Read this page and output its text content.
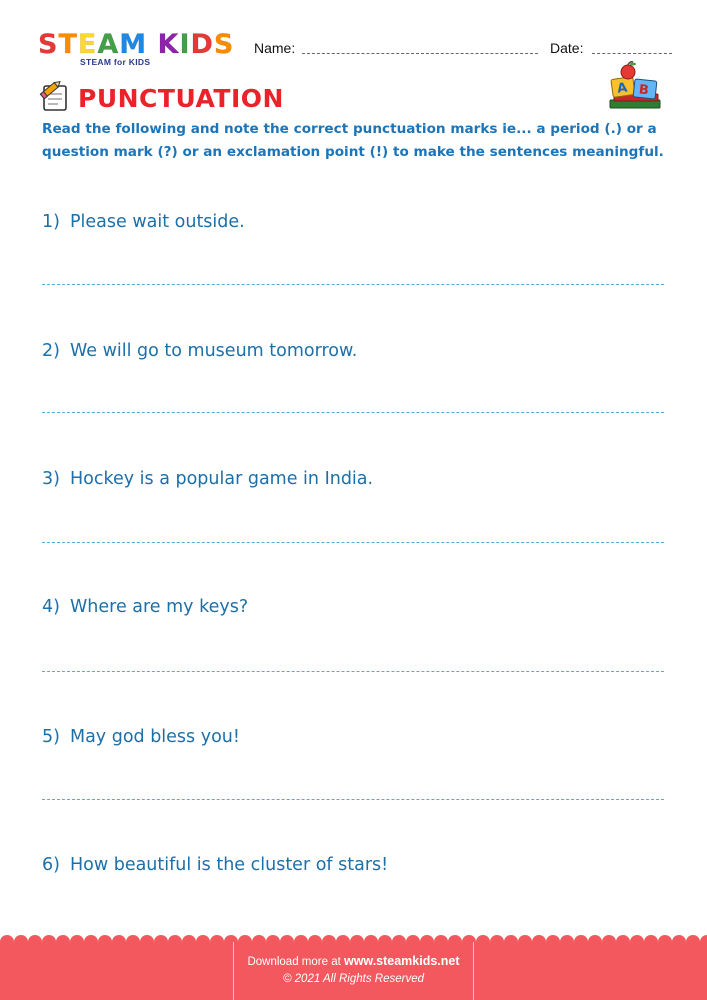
STEAM KIDS
STEAM for KIDS
Name:	Date:
PUNCTUATION	A B
Read the following and note the correct punctuation marks ie... a period (.) or a question mark (?) or an exclamation point (!) to make the sentences meaningful.
1) Please wait outside.
2) We will go to museum tomorrow.
3) Hockey is a popular game in India.
4) Where are my keys?
5) May god bless you!
6) How beautiful is the cluster of stars!
Download more at www.steamkids.net
© 2021 All Rights Reserved
